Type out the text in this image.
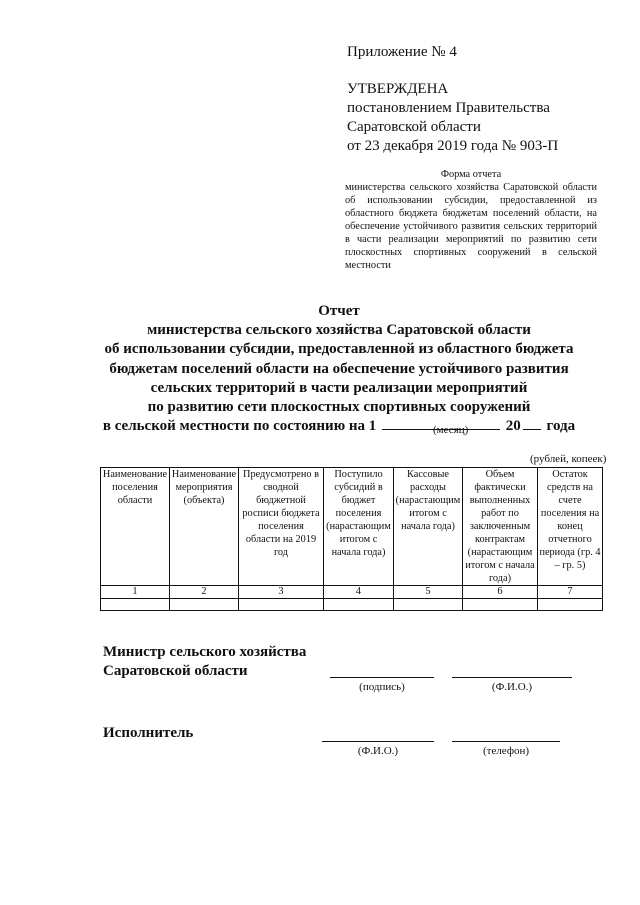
Приложение № 4
УТВЕРЖДЕНА
постановлением Правительства
Саратовской области
от 23 декабря 2019 года № 903-П
Форма отчета
министерства сельского хозяйства Саратовской области об использовании субсидии, предоставленной из областного бюджета бюджетам поселений области, на обеспечение устойчивого развития сельских территорий в части реализации мероприятий по развитию сети плоскостных спортивных сооружений в сельской местности
Отчет
министерства сельского хозяйства Саратовской области
об использовании субсидии, предоставленной из областного бюджета
бюджетам поселений области на обеспечение устойчивого развития
сельских территорий в части реализации мероприятий
по развитию сети плоскостных спортивных сооружений
в сельской местности по состоянию на 1	20 года
(месяц)
(рублей, копеек)
Наименование поселения области	Наименование мероприятия (объекта)	Предусмотрено в сводной бюджетной росписи бюджета поселения области на 2019 год	Поступило субсидий в бюджет поселения (нарастающим итогом с начала года)	Кассовые расходы (нарастающим итогом с начала года)	Объем фактически выполненных работ по заключенным контрактам (нарастающим итогом с начала года)	Остаток средств на счете поселения на конец отчетного периода (гр. 4 – гр. 5)
1	2	3	4	5	6	7

Министр сельского хозяйства
Саратовской области
(подпись)	(Ф.И.О.)
Исполнитель
(Ф.И.О.)	(телефон)
